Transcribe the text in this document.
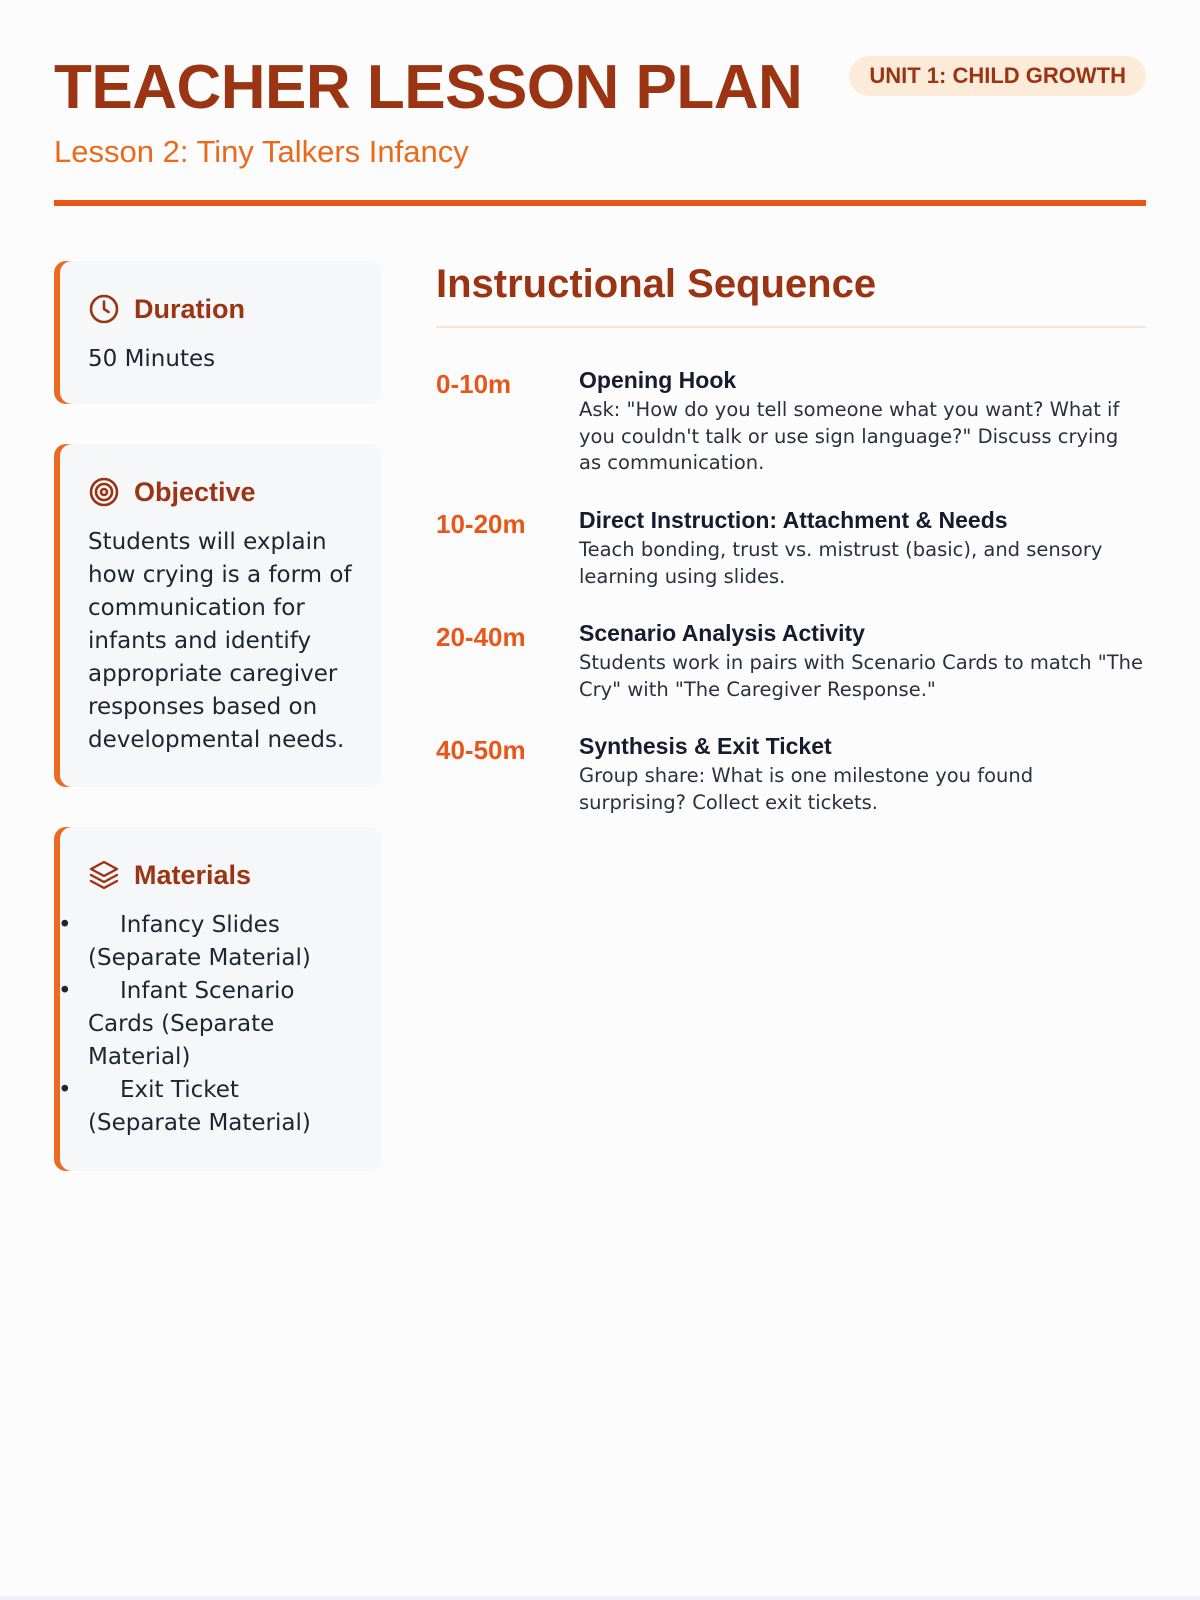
TEACHER LESSON PLAN
Lesson 2: Tiny Talkers Infancy
UNIT 1: CHILD GROWTH
Duration
50 Minutes
Objective
Students will explain how crying is a form of communication for infants and identify appropriate caregiver responses based on developmental needs.
Materials
• Infancy Slides (Separate Material)
• Infant Scenario Cards (Separate Material)
• Exit Ticket (Separate Material)
Instructional Sequence
0-10m	Opening Hook
Ask: "How do you tell someone what you want? What if you couldn't talk or use sign language?" Discuss crying as communication.
10-20m Direct Instruction: Attachment & Needs
Teach bonding, trust vs. mistrust (basic), and sensory learning using slides.
20-40m Scenario Analysis Activity
Students work in pairs with Scenario Cards to match "The Cry" with "The Caregiver Response."
40-50m Synthesis & Exit Ticket
Group share: What is one milestone you found surprising? Collect exit tickets.
